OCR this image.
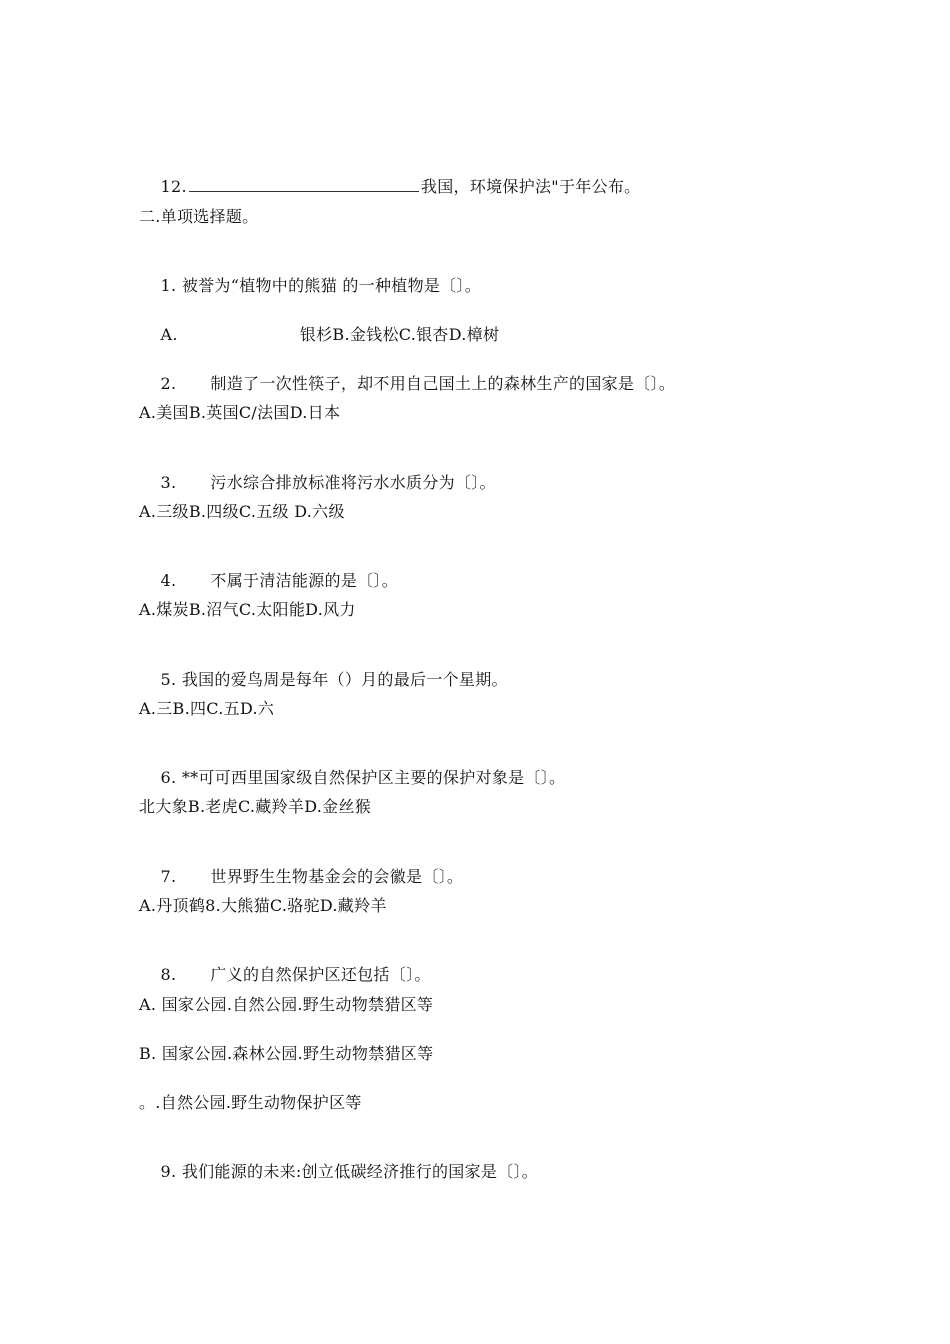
12.	我国，环境保护法"于年公布。

二.单项选择题。

1. 被誉为“植物中的熊猫 的一种植物是〔〕。

A.	银杉B.金钱松C.银杏D.樟树

2. 制造了一次性筷子，却不用自己国土上的森林生产的国家是〔〕。

A.美国B.英国C/法国D.日本

3. 污水综合排放标准将污水水质分为〔〕。

A.三级B.四级C.五级 D.六级

4. 不属于清洁能源的是〔〕。

A.煤炭B.沼气C.太阳能D.风力

5. 我国的爱鸟周是每年（）月的最后一个星期。

A.三B.四C.五D.六

6. **可可西里国家级自然保护区主要的保护对象是〔〕。

北大象B.老虎C.藏羚羊D.金丝猴

7. 世界野生生物基金会的会徽是〔〕。

A.丹顶鹤8.大熊猫C.骆驼D.藏羚羊

8. 广义的自然保护区还包括〔〕。

A. 国家公园.自然公园.野生动物禁猎区等
B. 国家公园.森林公园.野生动物禁猎区等
。.自然公园.野生动物保护区等

9. 我们能源的未来:创立低碳经济推行的国家是〔〕。
